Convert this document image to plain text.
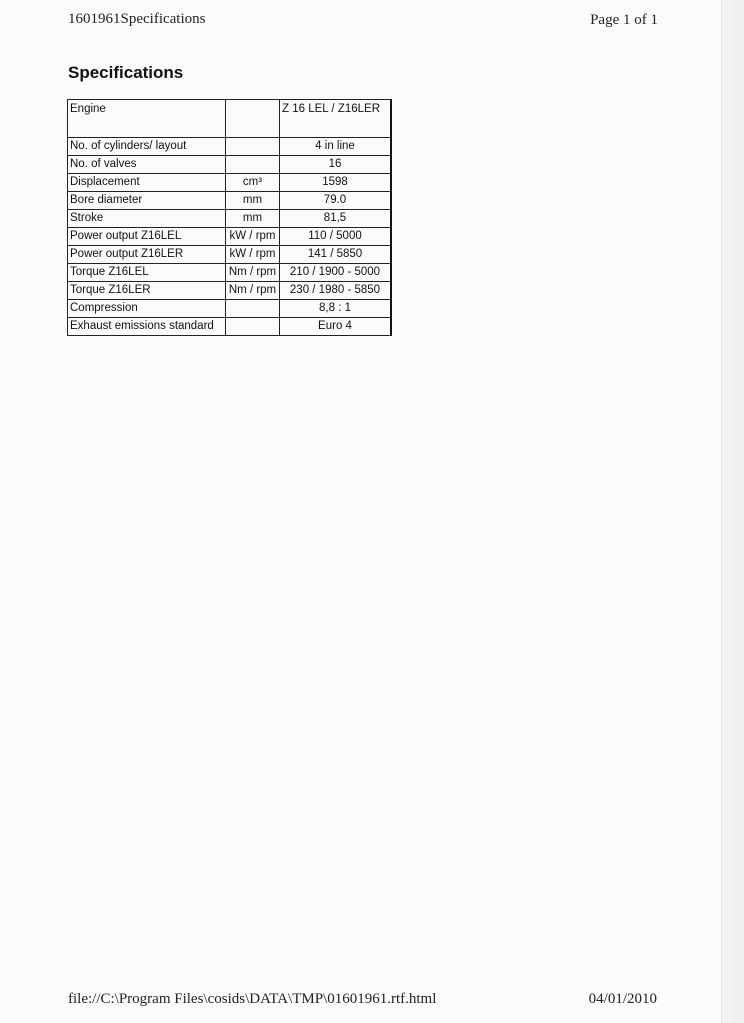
1601961Specifications	Page 1 of 1
Specifications
Engine		Z 16 LEL / Z16LER
No. of cylinders/ layout		4 in line
No. of valves		16
Displacement	cm³	1598
Bore diameter	mm	79.0
Stroke	mm	81,5
Power output Z16LEL	kW / rpm	110 / 5000
Power output Z16LER	kW / rpm	141 / 5850
Torque Z16LEL	Nm / rpm	210 / 1900 - 5000
Torque Z16LER	Nm / rpm	230 / 1980 - 5850
Compression		8,8 : 1
Exhaust emissions standard		Euro 4
file://C:\Program Files\cosids\DATA\TMP\01601961.rtf.html	04/01/2010
